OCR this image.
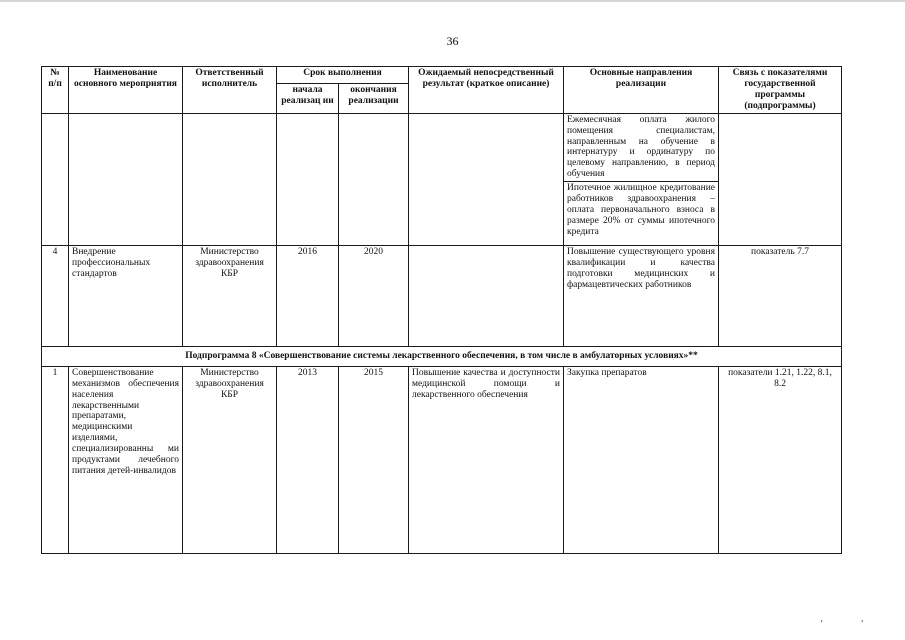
36
№ п/п	Наименование основного мероприятия	Ответственный исполнитель	Срок выполнения		Ожидаемый непосредственный результат (краткое описание)	Основные направления реализации	Связь с показателями государственной программы (подпрограммы)
			начала реализац ии	окончания реализации			

						Ежемесячная оплата жилого помещения специалистам, направленным на обучение в интернатуру и ординатуру по целевому направлению, в период обучения
Ипотечное жилищное кредитование работников здравоохранения – оплата первоначального взноса в размере 20% от суммы ипотечного кредита	

4	Внедрение профессиональных стандартов	Министерство здравоохранения КБР	2016	2020		Повышение существующего уровня квалификации и качества подготовки медицинских и фармацевтических работников	показатель 7.7
Подпрограмма 8 «Совершенствование системы лекарственного обеспечения, в том числе в амбулаторных условиях»**							
1	Совершенствование механизмов обеспечения населения лекарственными препаратами, медицинскими изделиями, специализированны ми продуктами лечебного питания детей-инвалидов	Министерство здравоохранения КБР	2013	2015	Повышение качества и доступности медицинской помощи и лекарственного обеспечения	Закупка препаратов	показатели 1.21, 1.22, 8.1, 8.2
' '
